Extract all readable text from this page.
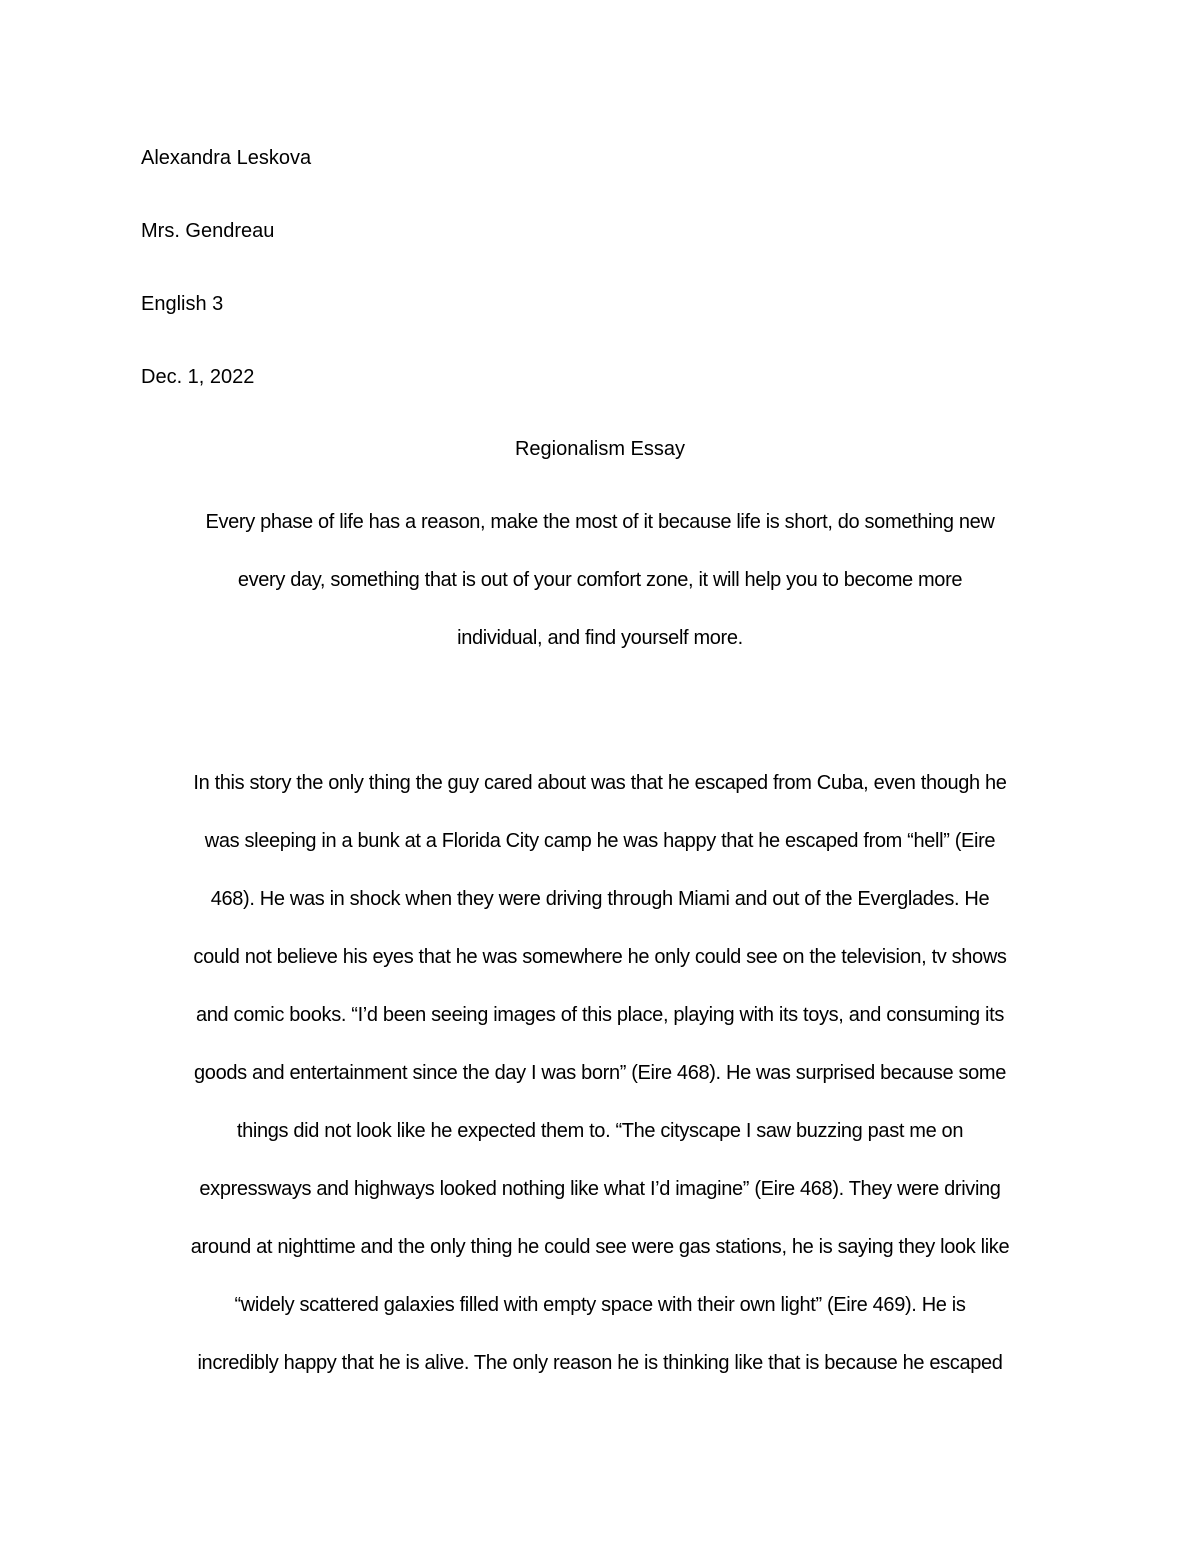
Alexandra Leskova

Mrs. Gendreau

English 3

Dec. 1, 2022

Regionalism Essay
Every phase of life has a reason, make the most of it because life is short, do something new
every day, something that is out of your comfort zone, it will help you to become more
individual, and find yourself more.
In this story the only thing the guy cared about was that he escaped from Cuba, even though he
was sleeping in a bunk at a Florida City camp he was happy that he escaped from “hell” (Eire
468). He was in shock when they were driving through Miami and out of the Everglades. He
could not believe his eyes that he was somewhere he only could see on the television, tv shows
and comic books. “I’d been seeing images of this place, playing with its toys, and consuming its
goods and entertainment since the day I was born” (Eire 468). He was surprised because some
things did not look like he expected them to. “The cityscape I saw buzzing past me on
expressways and highways looked nothing like what I’d imagine” (Eire 468). They were driving
around at nighttime and the only thing he could see were gas stations, he is saying they look like
“widely scattered galaxies filled with empty space with their own light” (Eire 469). He is
incredibly happy that he is alive. The only reason he is thinking like that is because he escaped
